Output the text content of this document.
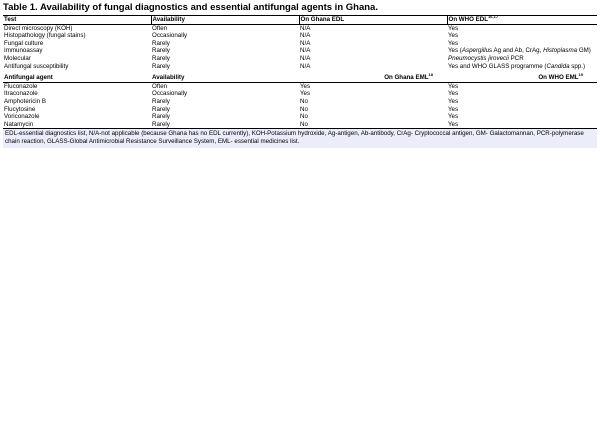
Table 1. Availability of fungal diagnostics and essential antifungal agents in Ghana.
Test	Availability	On Ghana EDL	On WHO EDL$^{16,17}$
Direct microscopy (KOH)	Often	N/A	Yes
Histopathology (fungal stains)	Occasionally	N/A	Yes
Fungal culture	Rarely	N/A	Yes
Immunoassay	Rarely	N/A	Yes (Aspergillus Ag and Ab, CrAg, Histoplasma GM)
Molecular	Rarely	N/A	Pneumocystis jirovecii PCR
Antifungal susceptibility	Rarely	N/A	Yes and WHO GLASS programme (Candida spp.)
Antifungal agent	Availability	On Ghana EML$^{18}$	On WHO EML$^{19}$
Fluconazole	Often	Yes	Yes
Itraconazole	Occasionally	Yes	Yes
Amphotericin B	Rarely	No	Yes
Flucytosine	Rarely	No	Yes
Voriconazole	Rarely	No	Yes
Natamycin	Rarely	No	Yes
EDL-essential diagnostics list, N/A-not applicable (because Ghana has no EDL currently), KOH-Potassium hydroxide, Ag-antigen, Ab-antibody, CrAg- Cryptococcal antigen, GM- Galactomannan, PCR-polymerase chain reaction, GLASS-Global Antimicrobial Resistance Surveillance System, EML- essential medicines list.			
